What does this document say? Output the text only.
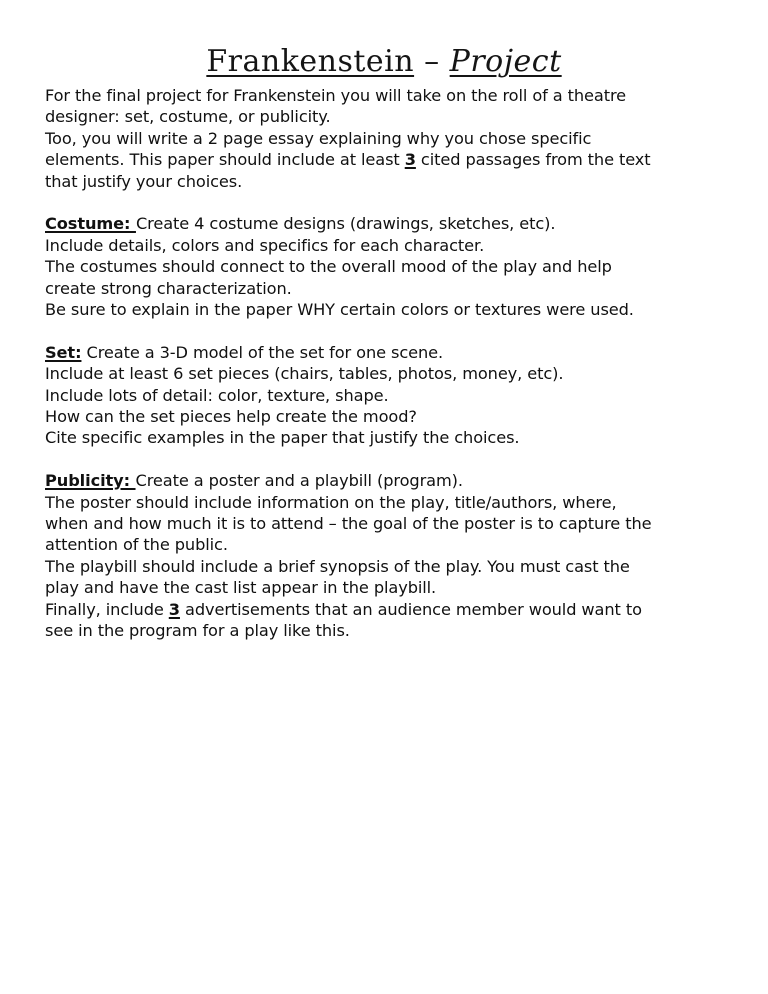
Frankenstein – Project
For the final project for Frankenstein you will take on the roll of a theatre
designer: set, costume, or publicity.
Too, you will write a 2 page essay explaining why you chose specific
elements. This paper should include at least 3 cited passages from the text
that justify your choices.
Costume: Create 4 costume designs (drawings, sketches, etc).
Include details, colors and specifics for each character.
The costumes should connect to the overall mood of the play and help
create strong characterization.
Be sure to explain in the paper WHY certain colors or textures were used.
Set: Create a 3-D model of the set for one scene.
Include at least 6 set pieces (chairs, tables, photos, money, etc).
Include lots of detail: color, texture, shape.
How can the set pieces help create the mood?
Cite specific examples in the paper that justify the choices.
Publicity: Create a poster and a playbill (program).
The poster should include information on the play, title/authors, where,
when and how much it is to attend – the goal of the poster is to capture the
attention of the public.
The playbill should include a brief synopsis of the play. You must cast the
play and have the cast list appear in the playbill.
Finally, include 3 advertisements that an audience member would want to
see in the program for a play like this.
